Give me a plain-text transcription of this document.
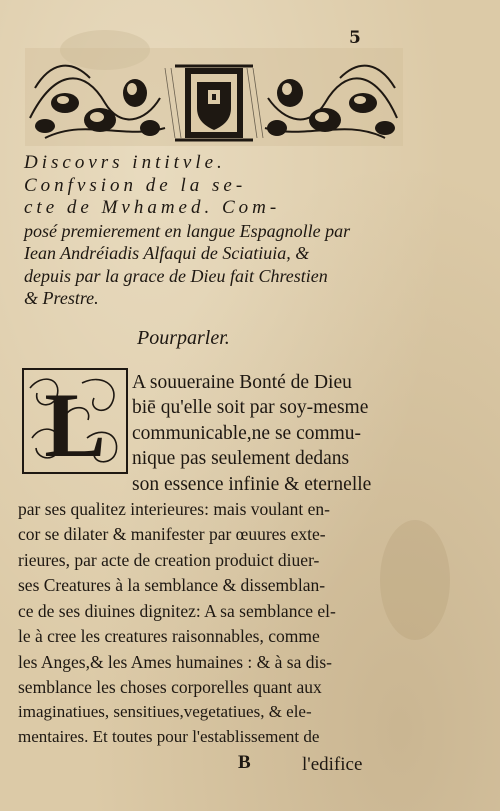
5
Discovrs intitvle.
Confvsion de la se-
cte de Mvhamed. Com-
posé premierement en langue Espagnolle par
Iean Andréiadis Alfaqui de Sciatiuia, &
depuis par la grace de Dieu fait Chrestien
& Prestre.
Pourparler.
L A souueraine Bonté de Dieu
biē qu'elle soit par soy-mesme
communicable,ne se commu-
nique pas seulement dedans
son essence infinie & eternelle
par ses qualitez interieures: mais voulant en-
cor se dilater & manifester par œuures exte-
rieures, par acte de creation produict diuer-
ses Creatures à la semblance & dissemblan-
ce de ses diuines dignitez: A sa semblance el-
le à cree les creatures raisonnables, comme
les Anges,& les Ames humaines : & à sa dis-
semblance les choses corporelles quant aux
imaginatiues, sensitiues,vegetatiues, & ele-
mentaires. Et toutes pour l'establissement de
B	l'edifice
